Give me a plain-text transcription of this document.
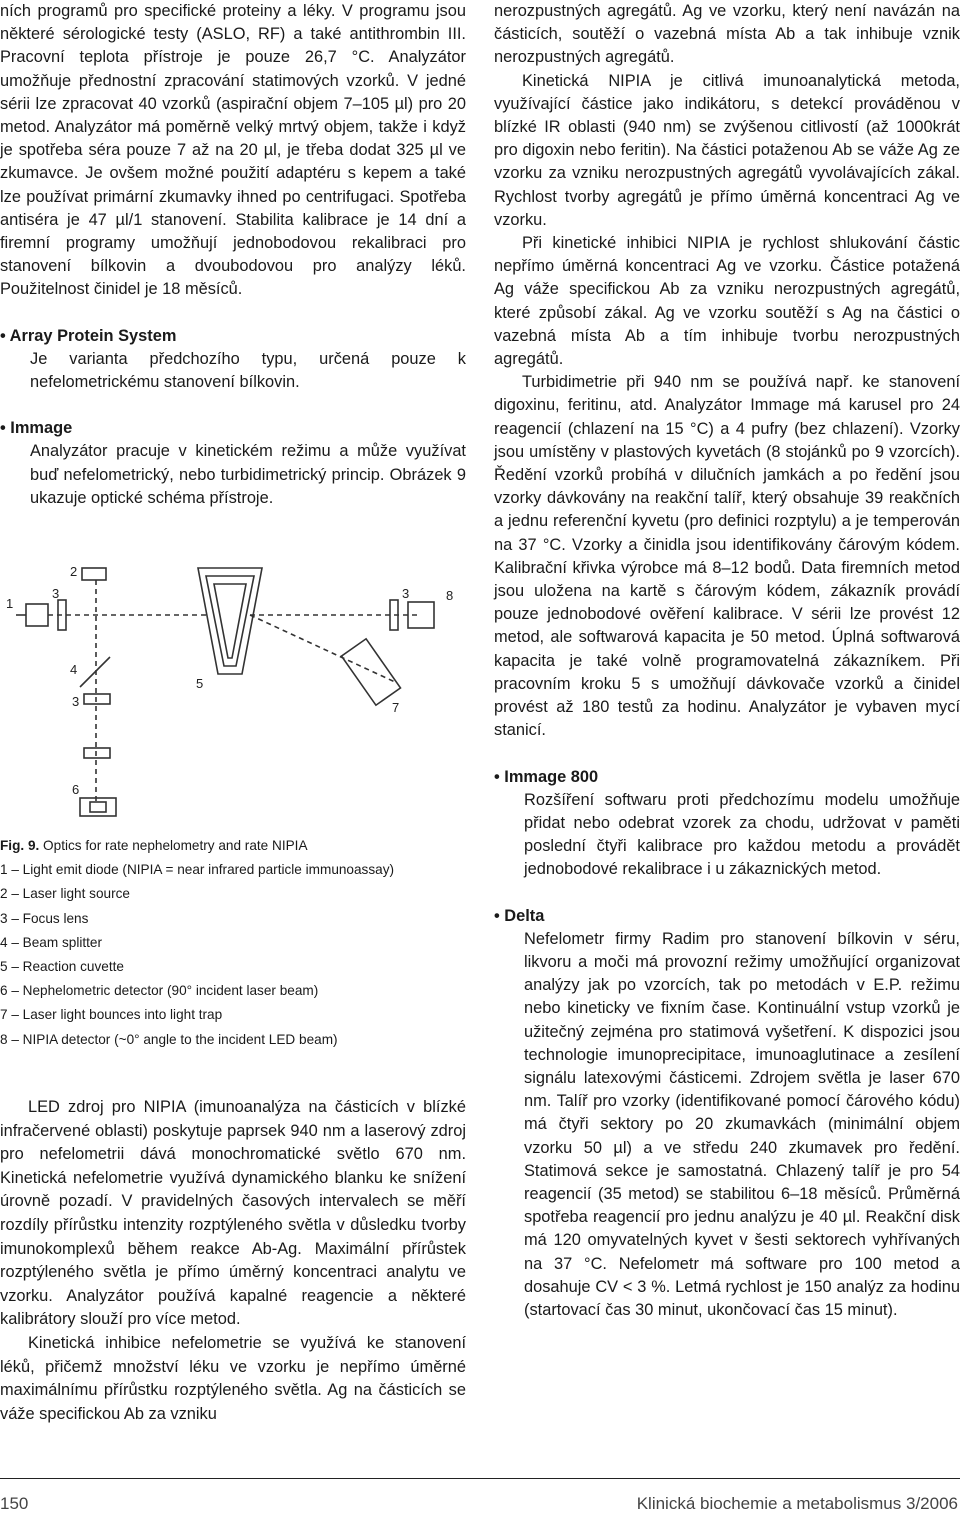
ních programů pro specifické proteiny a léky. V programu jsou některé sérologické testy (ASLO, RF) a také antithrombin III. Pracovní teplota přístroje je pouze 26,7 °C. Analyzátor umožňuje přednostní zpracování statimových vzorků. V jedné sérii lze zpracovat 40 vzorků (aspirační objem 7–105 µl) pro 20 metod. Analyzátor má poměrně velký mrtvý objem, takže i když je spotřeba séra pouze 7 až na 20 µl, je třeba dodat 325 µl ve zkumavce. Je ovšem možné použití adaptéru s kepem a také lze používat primární zkumavky ihned po centrifugaci. Spotřeba antiséra je 47 µl/1 stanovení. Stabilita kalibrace je 14 dní a firemní programy umožňují jednobodovou rekalibraci pro stanovení bílkovin a dvoubodovou pro analýzy léků. Použitelnost činidel je 18 měsíců.

• Array Protein System

Je varianta předchozího typu, určená pouze k nefelometrickému stanovení bílkovin.

• Immage

Analyzátor pracuje v kinetickém režimu a může využívat buď nefelometrický, nebo turbidimetrický princip. Obrázek 9 ukazuje optické schéma přístroje.

1
2
3
3
3
4
5
6
7
8

Fig. 9. Optics for rate nephelometry and rate NIPIA

1 – Light emit diode (NIPIA = near infrared particle immunoassay)

2 – Laser light source

3 – Focus lens

4 – Beam splitter

5 – Reaction cuvette

6 – Nephelometric detector (90° incident laser beam)

7 – Laser light bounces into light trap

8 – NIPIA detector (~0° angle to the incident LED beam)

LED zdroj pro NIPIA (imunoanalýza na částicích v blízké infračervené oblasti) poskytuje paprsek 940 nm a laserový zdroj pro nefelometrii dává monochromatické světlo 670 nm. Kinetická nefelometrie využívá dynamického blanku ke snížení úrovně pozadí. V pravidelných časových intervalech se měří rozdíly přírůstku intenzity rozptýleného světla v důsledku tvorby imunokomplexů během reakce Ab-Ag. Maximální přírůstek rozptýleného světla je přímo úměrný koncentraci analytu ve vzorku. Analyzátor používá kapalné reagencie a některé kalibrátory slouží pro více metod.

Kinetická inhibice nefelometrie se využívá ke stanovení léků, přičemž množství léku ve vzorku je nepřímo úměrné maximálnímu přírůstku rozptýleného světla. Ag na částicích se váže specifickou Ab za vzniku

nerozpustných agregátů. Ag ve vzorku, který není navázán na částicích, soutěží o vazebná místa Ab a tak inhibuje vznik nerozpustných agregátů.

Kinetická NIPIA je citlivá imunoanalytická metoda, využívající částice jako indikátoru, s detekcí prováděnou v blízké IR oblasti (940 nm) se zvýšenou citlivostí (až 1000krát pro digoxin nebo feritin). Na částici potaženou Ab se váže Ag ze vzorku za vzniku nerozpustných agregátů vyvolávajících zákal. Rychlost tvorby agregátů je přímo úměrná koncentraci Ag ve vzorku.

Při kinetické inhibici NIPIA je rychlost shlukování částic nepřímo úměrná koncentraci Ag ve vzorku. Částice potažená Ag váže specifickou Ab za vzniku nerozpustných agregátů, které způsobí zákal. Ag ve vzorku soutěží s Ag na částici o vazebná místa Ab a tím inhibuje tvorbu nerozpustných agregátů.

Turbidimetrie při 940 nm se používá např. ke stanovení digoxinu, feritinu, atd. Analyzátor Immage má karusel pro 24 reagencií (chlazení na 15 °C) a 4 pufry (bez chlazení). Vzorky jsou umístěny v plastových kyvetách (8 stojánků po 9 vzorcích). Ředění vzorků probíhá v dilučních jamkách a po ředění jsou vzorky dávkovány na reakční talíř, který obsahuje 39 reakčních a jednu referenční kyvetu (pro definici rozptylu) a je temperován na 37 °C. Vzorky a činidla jsou identifikovány čárovým kódem. Kalibrační křivka výrobce má 8–12 bodů. Data firemních metod jsou uložena na kartě s čárovým kódem, zákazník provádí pouze jednobodové ověření kalibrace. V sérii lze provést 12 metod, ale softwarová kapacita je 50 metod. Úplná softwarová kapacita je také volně programovatelná zákazníkem. Při pracovním kroku 5 s umožňují dávkovače vzorků a činidel provést až 180 testů za hodinu. Analyzátor je vybaven mycí stanicí.

• Immage 800

Rozšíření softwaru proti předchozímu modelu umožňuje přidat nebo odebrat vzorek za chodu, udržovat v paměti poslední čtyři kalibrace pro každou metodu a provádět jednobodové rekalibrace i u zákaznických metod.

• Delta

Nefelometr firmy Radim pro stanovení bílkovin v séru, likvoru a moči má provozní režimy umožňující organizovat analýzy jak po vzorcích, tak po metodách v E.P. režimu nebo kineticky ve fixním čase. Kontinuální vstup vzorků je užitečný zejména pro statimová vyšetření. K dispozici jsou technologie imunoprecipitace, imunoaglutinace a zesílení signálu latexovými částicemi. Zdrojem světla je laser 670 nm. Talíř pro vzorky (identifikované pomocí čárového kódu) má čtyři sektory po 20 zkumavkách (minimální objem vzorku 50 µl) a ve středu 240 zkumavek pro ředění. Statimová sekce je samostatná. Chlazený talíř je pro 54 reagencií (35 metod) se stabilitou 6–18 měsíců. Průměrná spotřeba reagencií pro jednu analýzu je 40 µl. Reakční disk má 120 omyvatelných kyvet v šesti sektorech vyhřívaných na 37 °C. Nefelometr má software pro 100 metod a dosahuje CV < 3 %. Letmá rychlost je 150 analýz za hodinu (startovací čas 30 minut, ukončovací čas 15 minut).

150	Klinická biochemie a metabolismus 3/2006
